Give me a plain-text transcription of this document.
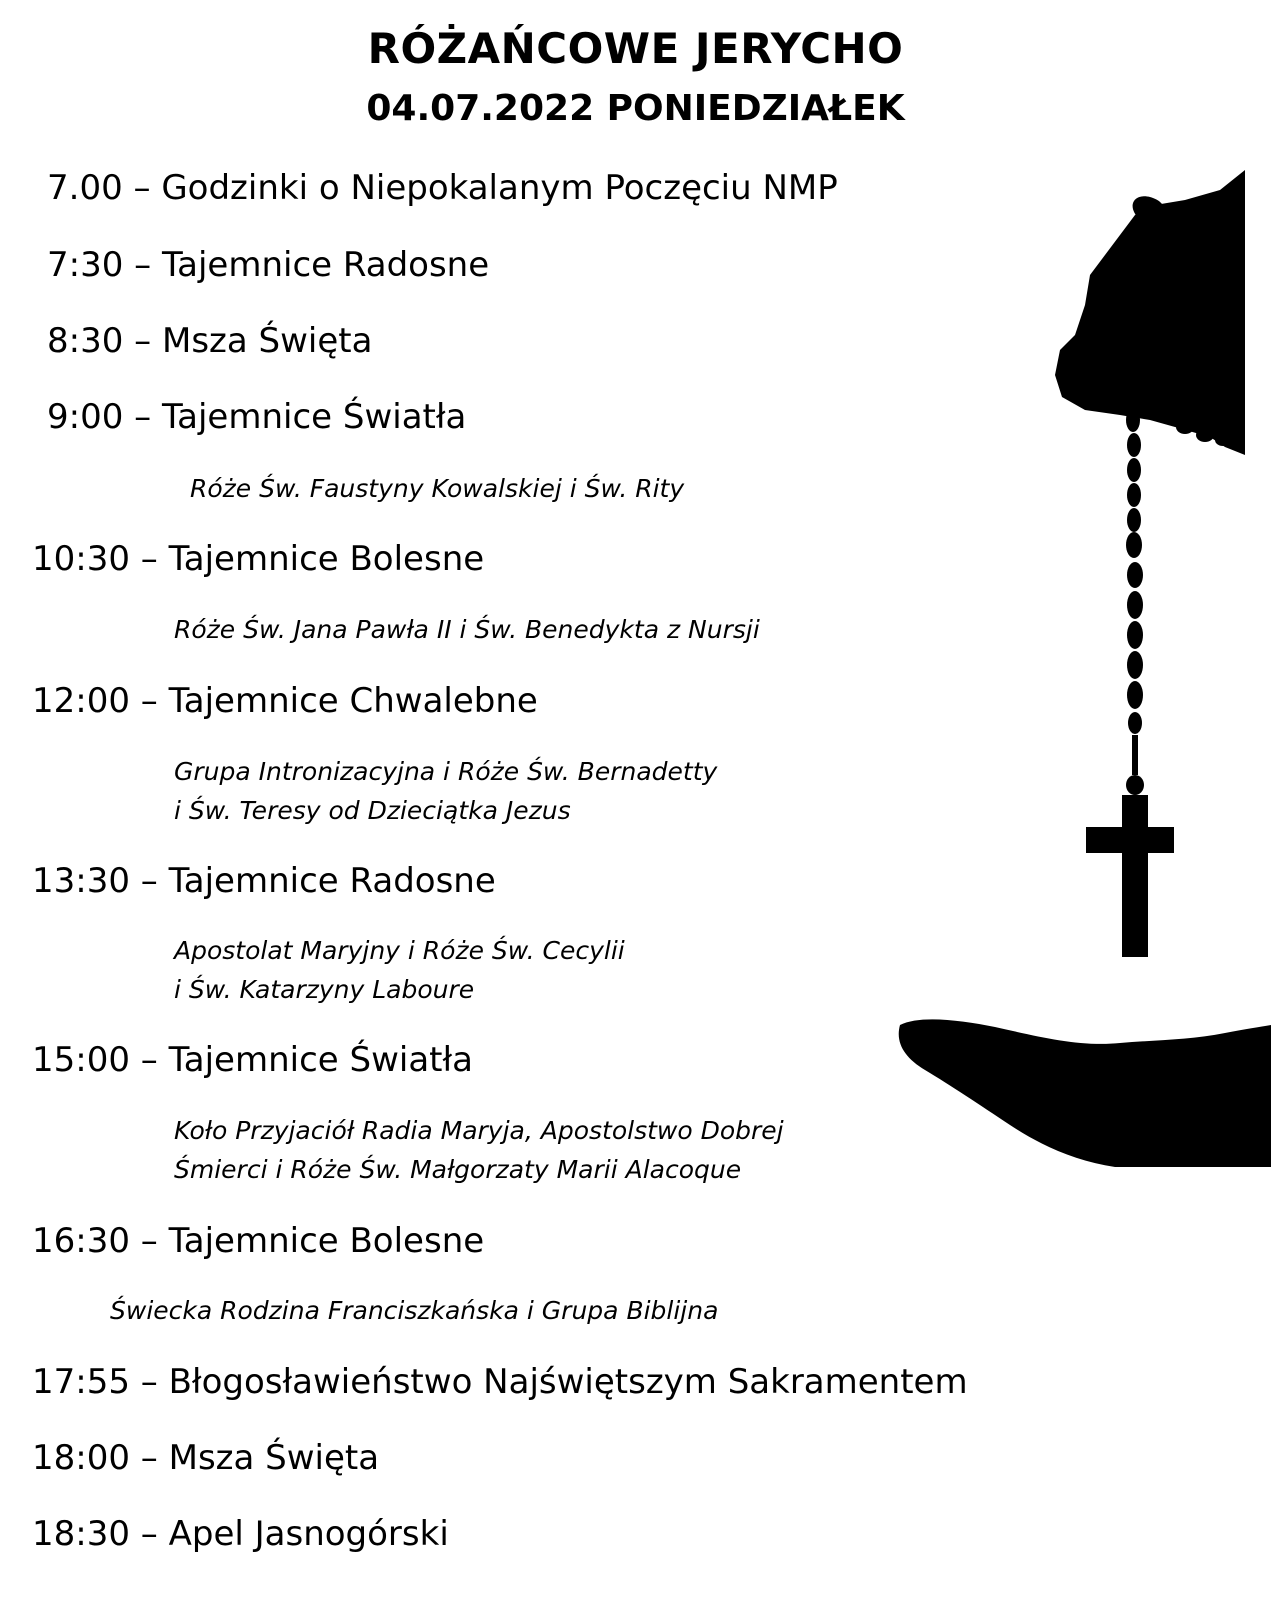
RÓŻAŃCOWE JERYCHO
04.07.2022 PONIEDZIAŁEK
7.00 – Godzinki o Niepokalanym Poczęciu NMP
7:30 – Tajemnice Radosne
8:30 – Msza Święta
9:00 – Tajemnice Światła
Róże Św. Faustyny Kowalskiej i Św. Rity
10:30 – Tajemnice Bolesne
Róże Św. Jana Pawła II i Św. Benedykta z Nursji
12:00 – Tajemnice Chwalebne
Grupa Intronizacyjna i Róże Św. Bernadetty
i Św. Teresy od Dzieciątka Jezus
13:30 – Tajemnice Radosne
Apostolat Maryjny i Róże Św. Cecylii
i Św. Katarzyny Laboure
15:00 – Tajemnice Światła
Koło Przyjaciół Radia Maryja, Apostolstwo Dobrej
Śmierci i Róże Św. Małgorzaty Marii Alacoque
16:30 – Tajemnice Bolesne
Świecka Rodzina Franciszkańska i Grupa Biblijna
17:55 – Błogosławieństwo Najświętszym Sakramentem
18:00 – Msza Święta
18:30 – Apel Jasnogórski
